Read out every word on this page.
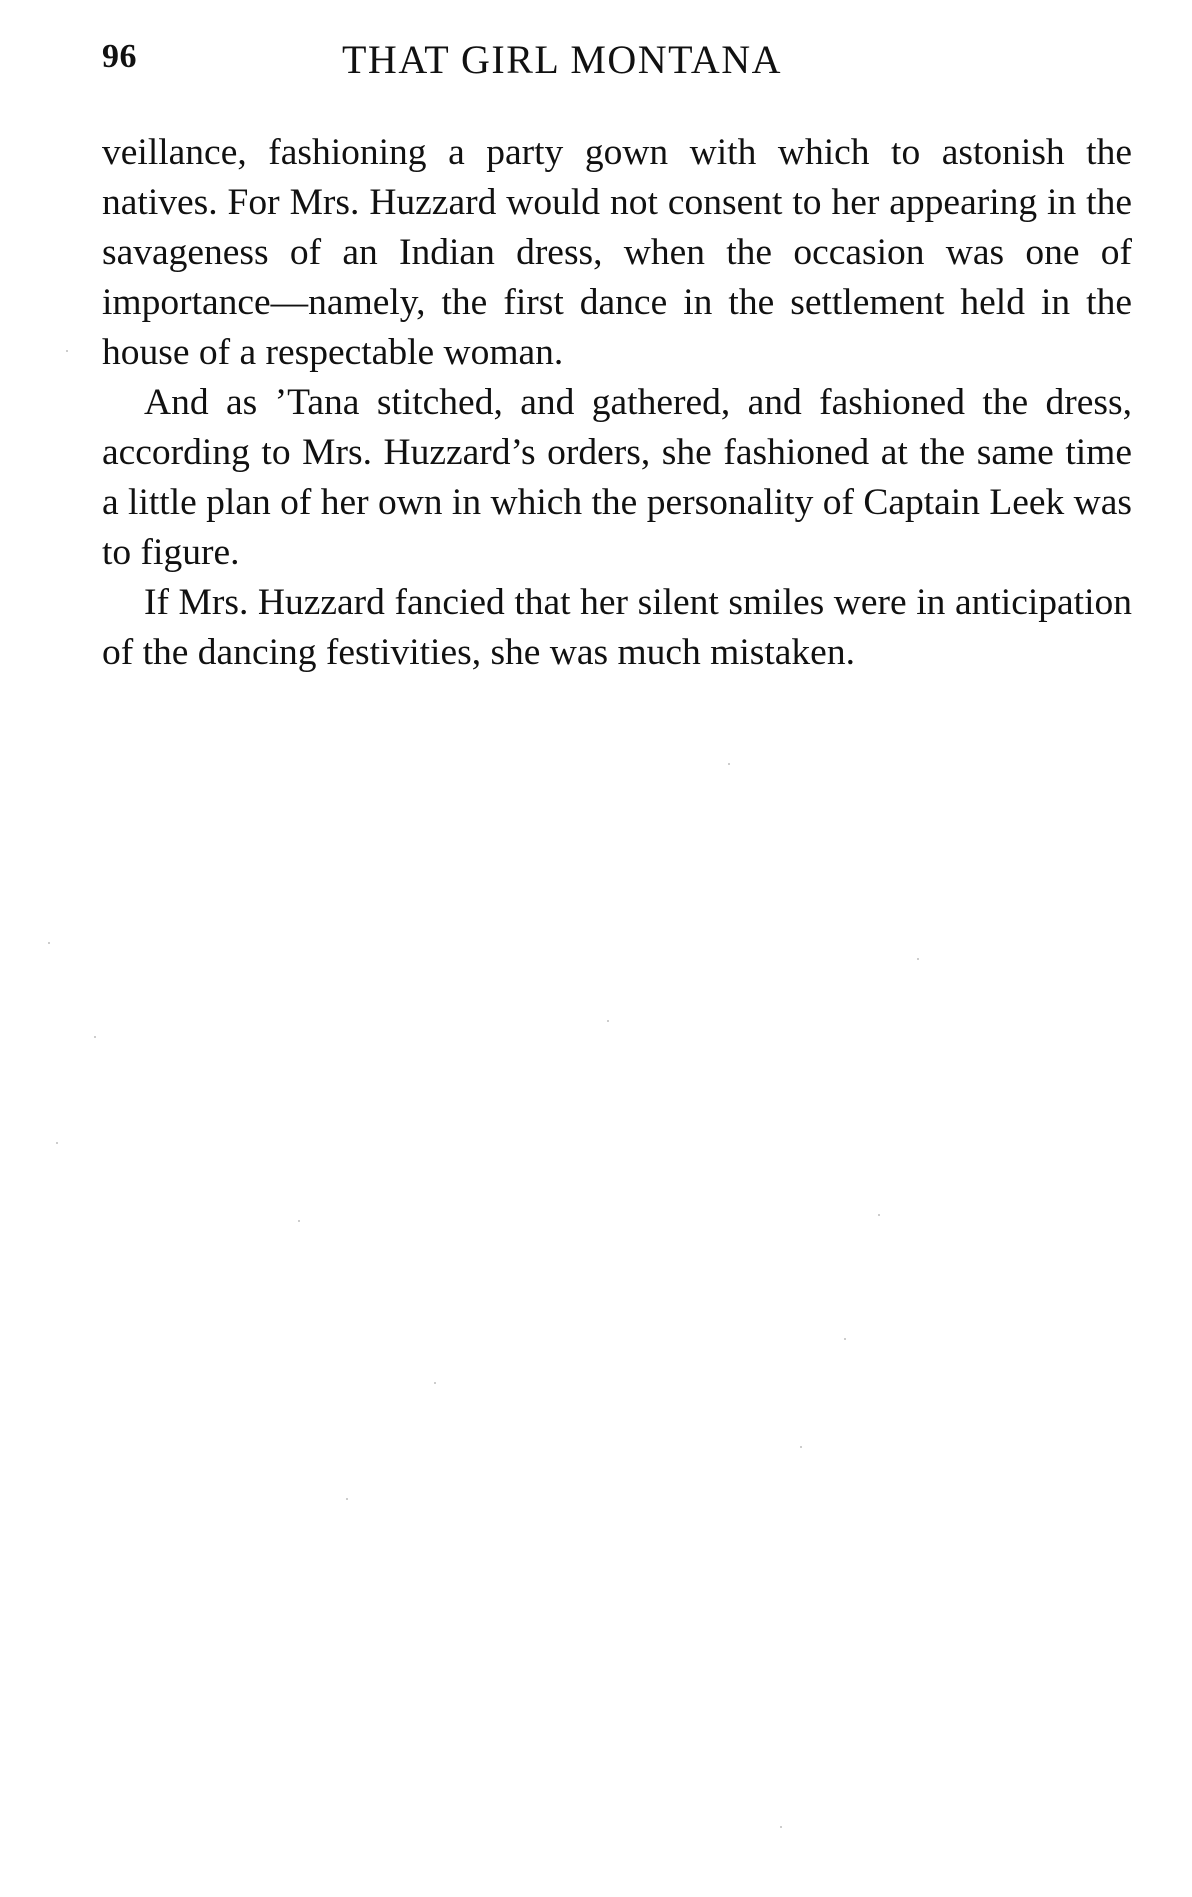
96	THAT GIRL MONTANA

veillance, fashioning a party gown with which to astonish the natives. For Mrs. Huzzard would not consent to her appearing in the savageness of an Indian dress, when the occasion was one of importance—namely, the first dance in the settlement held in the house of a respectable woman.

And as ’Tana stitched, and gathered, and fashioned the dress, according to Mrs. Huzzard’s orders, she fashioned at the same time a little plan of her own in which the personality of Captain Leek was to figure.

If Mrs. Huzzard fancied that her silent smiles were in anticipation of the dancing festivities, she was much mistaken.
